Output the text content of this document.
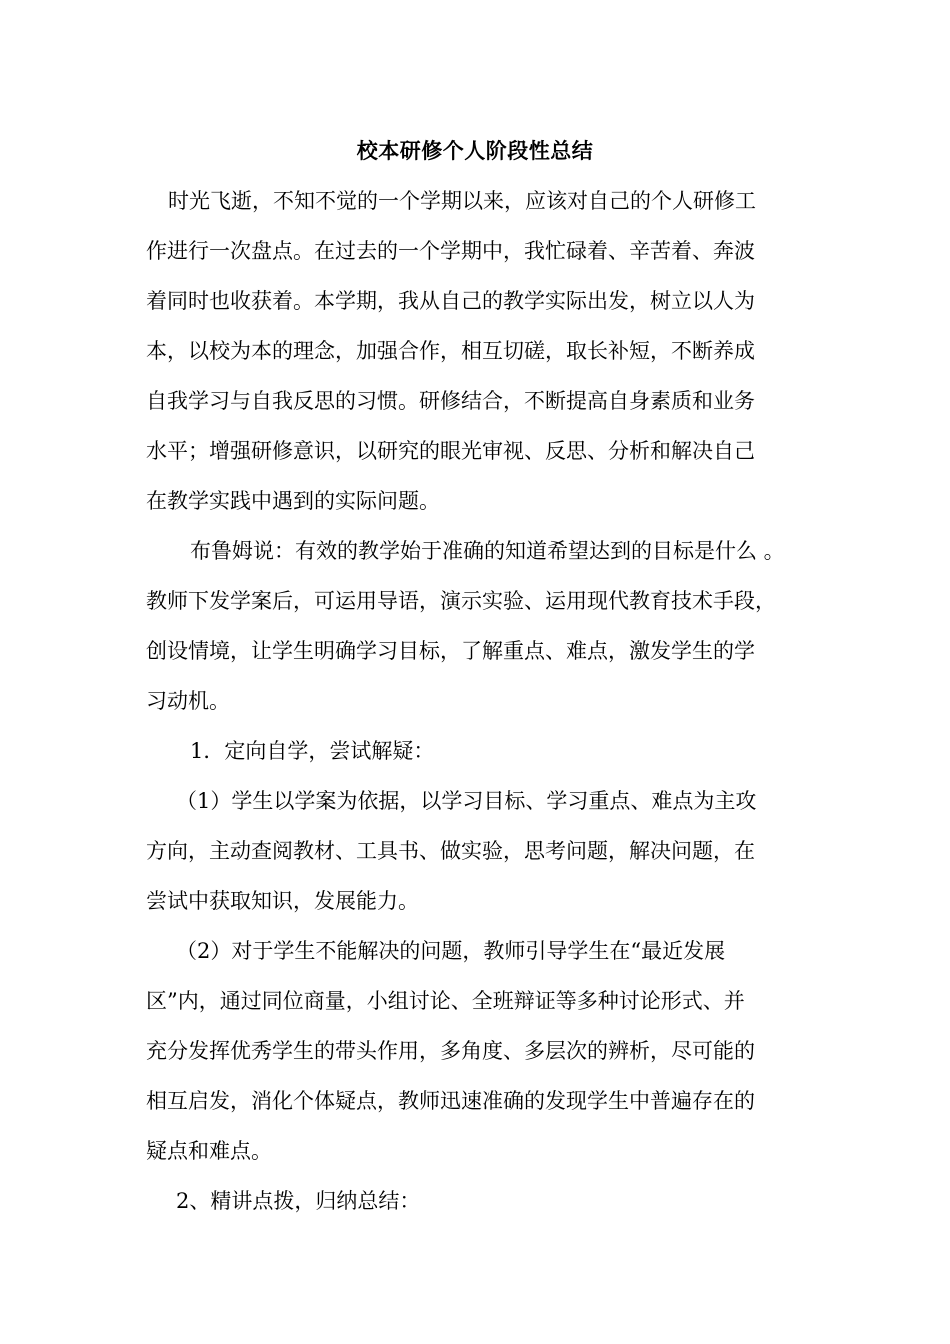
校本研修个人阶段性总结
时光飞逝，不知不觉的一个学期以来，应该对自己的个人研修工
作进行一次盘点。在过去的一个学期中，我忙碌着、辛苦着、奔波
着同时也收获着。本学期，我从自己的教学实际出发，树立以人为
本，以校为本的理念，加强合作，相互切磋，取长补短，不断养成
自我学习与自我反思的习惯。研修结合，不断提高自身素质和业务
水平；增强研修意识，以研究的眼光审视、反思、分析和解决自己
在教学实践中遇到的实际问题。
布鲁姆说：有效的教学始于准确的知道希望达到的目标是什么 。
教师下发学案后，可运用导语，演示实验、运用现代教育技术手段，
创设情境，让学生明确学习目标，了解重点、难点，激发学生的学
习动机。
1．定向自学，尝试解疑：
（1）学生以学案为依据，以学习目标、学习重点、难点为主攻
方向，主动查阅教材、工具书、做实验，思考问题，解决问题，在
尝试中获取知识，发展能力。
（2）对于学生不能解决的问题，教师引导学生在“最近发展
区”内，通过同位商量，小组讨论、全班辩证等多种讨论形式、并
充分发挥优秀学生的带头作用，多角度、多层次的辨析，尽可能的
相互启发，消化个体疑点，教师迅速准确的发现学生中普遍存在的
疑点和难点。
2、精讲点拨，归纳总结：
